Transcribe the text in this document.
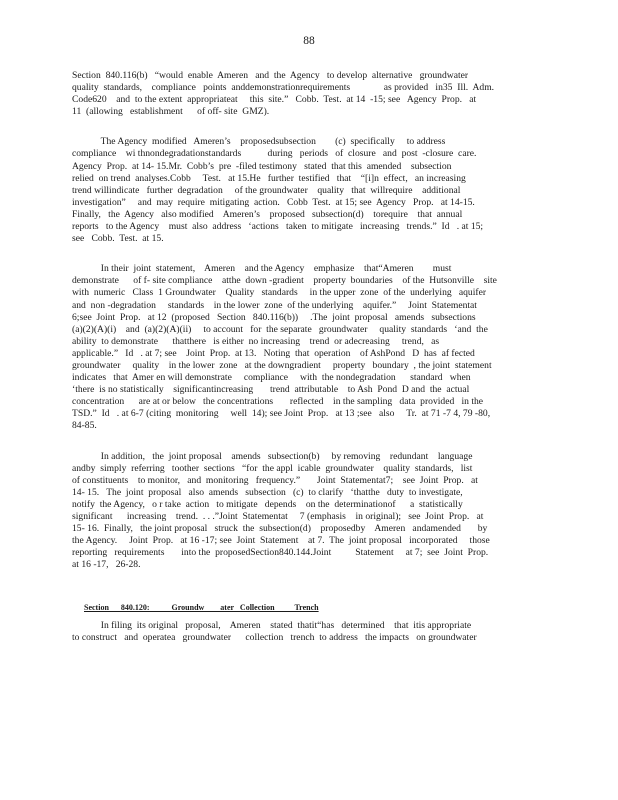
88
Section  840.116(b)   “would  enable  Ameren   and  the  Agency   to develop  alternative   groundwater
quality  standards,    compliance   points  anddemonstrationrequirements              as provided   in35  Ill.  Adm.
Code620    and  to the extent  appropriateat     this  site.”   Cobb.  Test.  at 14  -15; see   Agency  Prop.   at
11  (allowing   establishment      of off- site  GMZ).
The Agency  modified   Ameren’s    proposedsubsection        (c)  specifically     to address
compliance    wi thnondegradationstandards           during   periods   of  closure   and  post  -closure  care.
Agency  Prop.  at 14- 15.Mr.  Cobb’s  pre  -filed testimony   stated  that this  amended    subsection
relied  on trend  analyses.Cobb     Test.   at 15.He   further  testified   that    “[i]n  effect,   an increasing
trend willindicate   further  degradation     of the groundwater    quality   that  willrequire    additional
investigation”     and  may  require  mitigating  action.   Cobb  Test.  at 15; see  Agency   Prop.   at 14-15.
Finally,   the  Agency   also modified    Ameren’s    proposed   subsection(d)    torequire    that  annual
reports   to the Agency    must  also  address   ‘actions   taken  to mitigate   increasing   trends.”  Id   . at 15;
see   Cobb.  Test.  at 15.
In their  joint  statement,    Ameren    and the Agency    emphasize    that“Ameren        must
demonstrate      of f- site compliance    atthe  down -gradient    property  boundaries    of the  Hutsonville    site
with  numeric   Class  1 Groundwater    Quality   standards     in the upper  zone  of the  underlying   aquifer
and  non -degradation     standards    in the lower  zone  of the underlying    aquifer.”     Joint  Statementat
6;see  Joint  Prop.   at 12  (proposed   Section   840.116(b))     .The  joint  proposal   amends   subsections
(a)(2)(A)(i)    and  (a)(2)(A)(ii)     to account   for  the separate   groundwater     quality  standards   ‘and  the
ability  to demonstrate      thatthere   is either  no increasing    trend  or adecreasing     trend,   as
applicable.”   Id   . at 7; see    Joint  Prop.  at 13.   Noting  that  operation    of AshPond   D  has  af fected
groundwater     quality    in the lower  zone   at the downgradient     property   boundary  , the joint  statement
indicates   that  Amer en will demonstrate     compliance     with  the nondegradation      standard   when
‘there  is no statistically    significantincreasing       trend  attributable    to Ash  Pond  D and  the  actual
concentration      are at or below   the concentrations       reflected    in the sampling   data  provided   in the
TSD.”  Id   . at 6-7 (citing  monitoring     well  14); see Joint  Prop.   at 13 ;see   also     Tr.  at 71 -7 4, 79 -80,
84-85.
In addition,   the  joint proposal    amends   subsection(b)     by removing    redundant    language
andby  simply  referring   toother  sections   “for  the appl  icable  groundwater    quality  standards,   list
of constituents    to monitor,   and  monitoring   frequency.”       Joint  Statementat7;    see  Joint  Prop.   at
14- 15.   The  joint  proposal   also  amends   subsection   (c)  to clarify   ‘thatthe   duty  to investigate,
notify  the Agency,   o r take  action   to mitigate   depends    on the  determinationof      a  statistically
significant      increasing    trend.  . . .”Joint  Statementat     7 (emphasis    in original);   see  Joint  Prop.   at
15- 16.  Finally,   the joint proposal   struck  the  subsection(d)    proposedby    Ameren   andamended       by
the Agency.     Joint  Prop.   at 16 -17; see  Joint  Statement    at 7.  The  joint proposal   incorporated     those
reporting   requirements       into the  proposedSection840.144.Joint          Statement     at 7;  see  Joint  Prop.
at 16 -17,   26-28.

Section      840.120:           Groundw        ater   Collection          Trench

In filing  its original   proposal,    Ameren    stated  thatit“has   determined    that  itis appropriate
to construct   and  operatea   groundwater      collection   trench  to address   the impacts   on groundwater
